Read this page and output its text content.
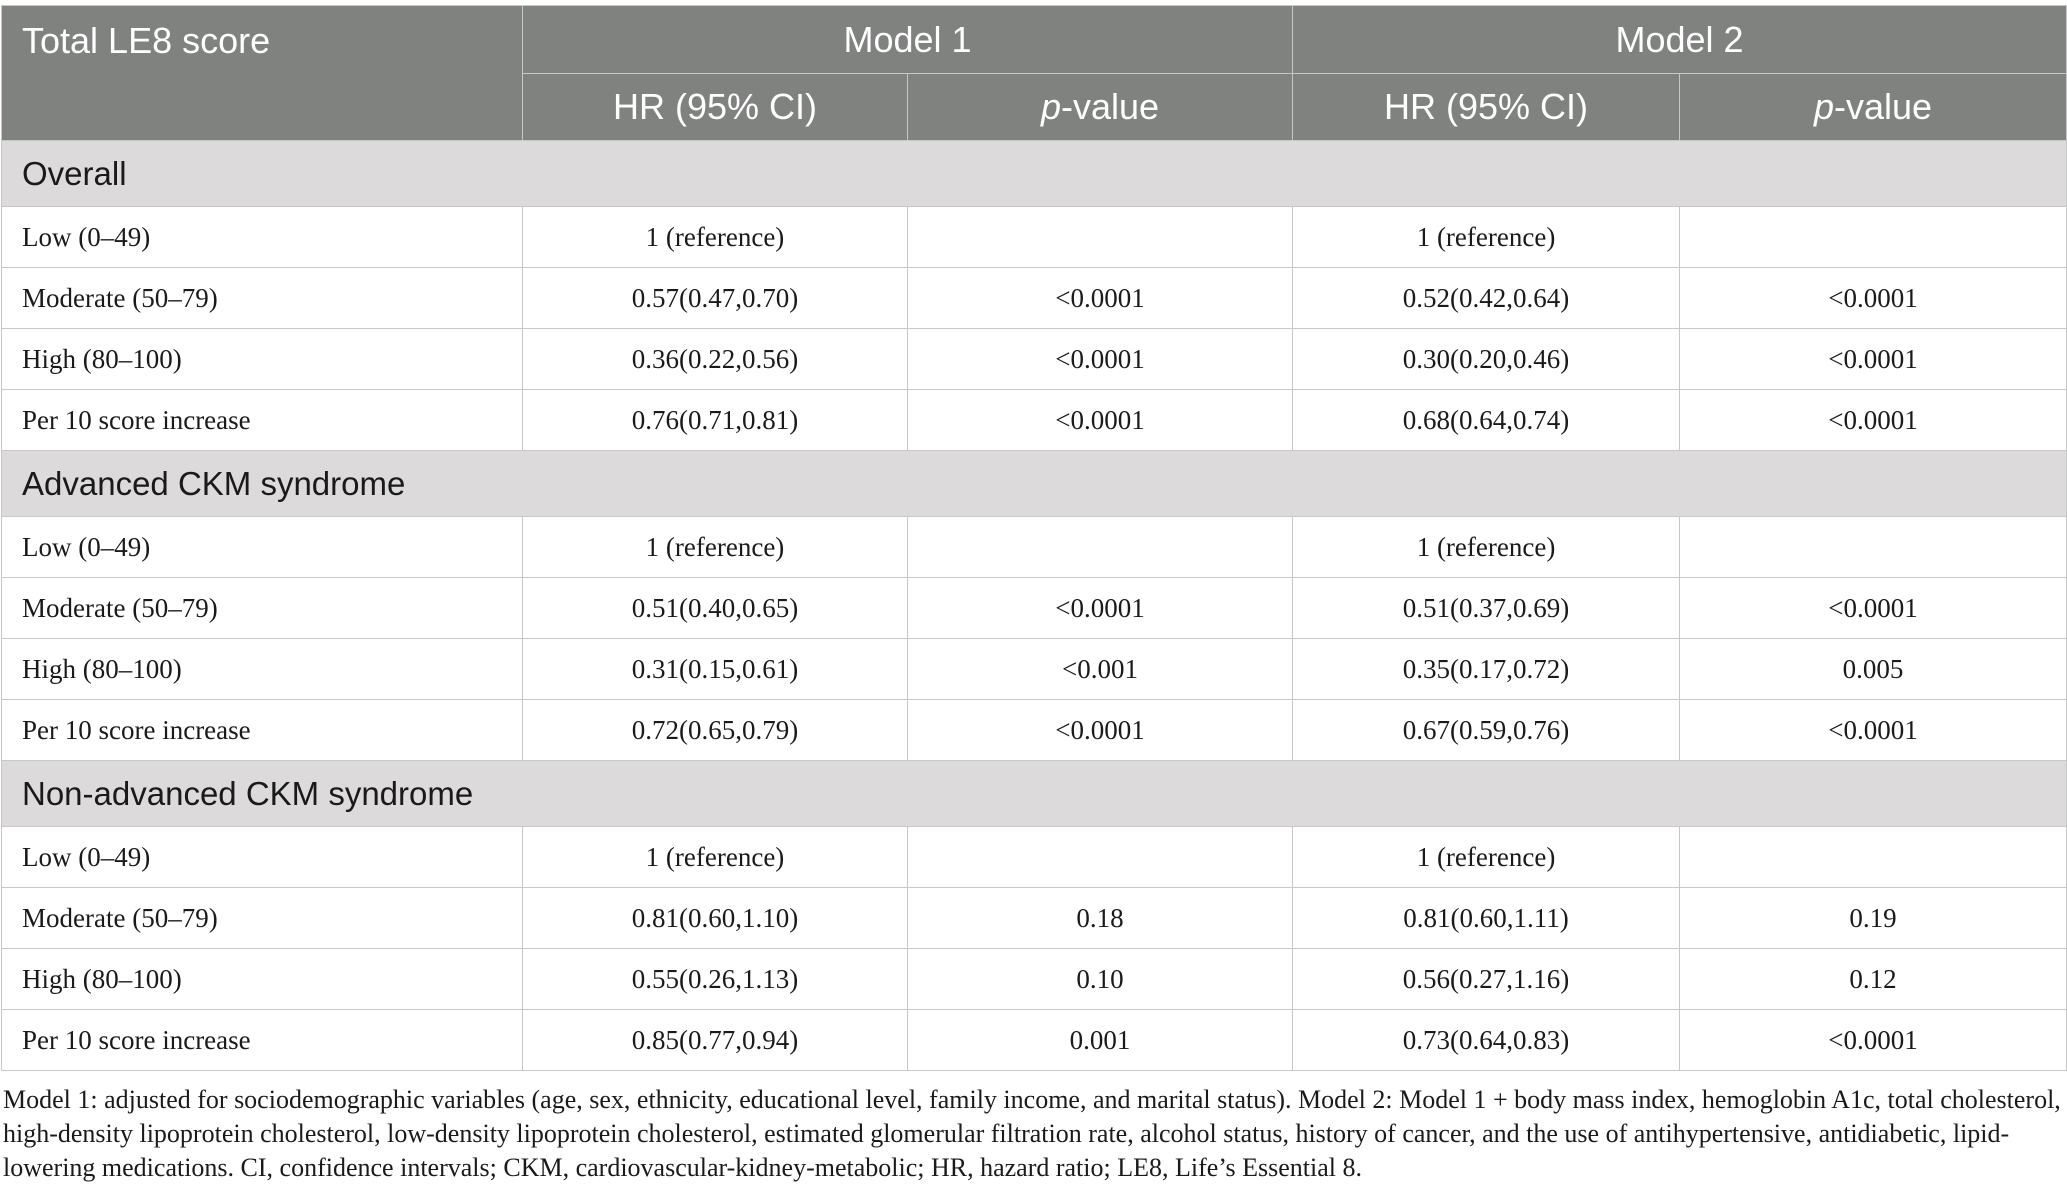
Total LE8 score	Model 1		Model 2	
	HR (95% CI)	p-value	HR (95% CI)	p-value
Overall				
Low (0–49)	1 (reference)		1 (reference)	
Moderate (50–79)	0.57(0.47,0.70)	<0.0001	0.52(0.42,0.64)	<0.0001
High (80–100)	0.36(0.22,0.56)	<0.0001	0.30(0.20,0.46)	<0.0001
Per 10 score increase	0.76(0.71,0.81)	<0.0001	0.68(0.64,0.74)	<0.0001
Advanced CKM syndrome				
Low (0–49)	1 (reference)		1 (reference)	
Moderate (50–79)	0.51(0.40,0.65)	<0.0001	0.51(0.37,0.69)	<0.0001
High (80–100)	0.31(0.15,0.61)	<0.001	0.35(0.17,0.72)	0.005
Per 10 score increase	0.72(0.65,0.79)	<0.0001	0.67(0.59,0.76)	<0.0001
Non-advanced CKM syndrome				
Low (0–49)	1 (reference)		1 (reference)	
Moderate (50–79)	0.81(0.60,1.10)	0.18	0.81(0.60,1.11)	0.19
High (80–100)	0.55(0.26,1.13)	0.10	0.56(0.27,1.16)	0.12
Per 10 score increase	0.85(0.77,0.94)	0.001	0.73(0.64,0.83)	<0.0001
Model 1: adjusted for sociodemographic variables (age, sex, ethnicity, educational level, family income, and marital status). Model 2: Model 1 + body mass index, hemoglobin A1c, total cholesterol, high-density lipoprotein cholesterol, low-density lipoprotein cholesterol, estimated glomerular filtration rate, alcohol status, history of cancer, and the use of antihypertensive, antidiabetic, lipid-lowering medications. CI, confidence intervals; CKM, cardiovascular-kidney-metabolic; HR, hazard ratio; LE8, Life’s Essential 8.
